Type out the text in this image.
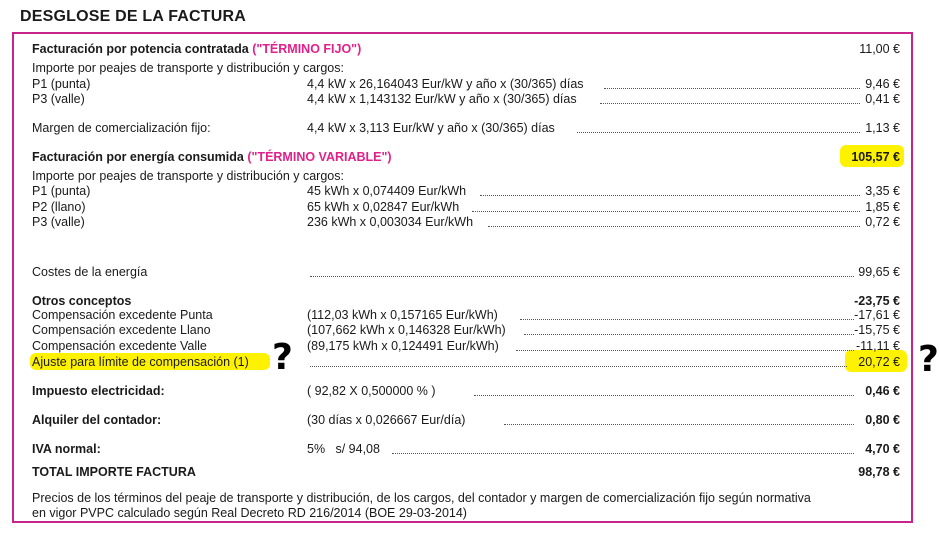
DESGLOSE DE LA FACTURA
Facturación por potencia contratada ("TÉRMINO FIJO")	11,00 €
Importe por peajes de transporte y distribución y cargos:
P1 (punta)	4,4 kW x 26,164043 Eur/kW y año x (30/365) días	9,46 €
P3 (valle)	4,4 kW x 1,143132 Eur/kW y año x (30/365) días	0,41 €
Margen de comercialización fijo:	4,4 kW x 3,113 Eur/kW y año x (30/365) días	1,13 €
Facturación por energía consumida ("TÉRMINO VARIABLE")	105,57 €
Importe por peajes de transporte y distribución y cargos:
P1 (punta)	45 kWh x 0,074409 Eur/kWh	3,35 €
P2 (llano)	65 kWh x 0,02847 Eur/kWh	1,85 €
P3 (valle)	236 kWh x 0,003034 Eur/kWh	0,72 €
Costes de la energía	99,65 €
Otros conceptos	-23,75 €
Compensación excedente Punta	(112,03 kWh x 0,157165 Eur/kWh)	-17,61 €
Compensación excedente Llano	(107,662 kWh x 0,146328 Eur/kWh)	-15,75 €
Compensación excedente Valle	(89,175 kWh x 0,124491 Eur/kWh)	-11,11 €
Ajuste para límite de compensación (1)	20,72 €
Impuesto electricidad:	( 92,82 X 0,500000 % )	0,46 €
Alquiler del contador:	(30 días x 0,026667 Eur/día)	0,80 €
IVA normal:	5%   s/ 94,08	4,70 €
TOTAL IMPORTE FACTURA	98,78 €
Precios de los términos del peaje de transporte y distribución, de los cargos, del contador y margen de comercialización fijo según normativa
en vigor PVPC calculado según Real Decreto RD 216/2014 (BOE 29-03-2014)
?	?
